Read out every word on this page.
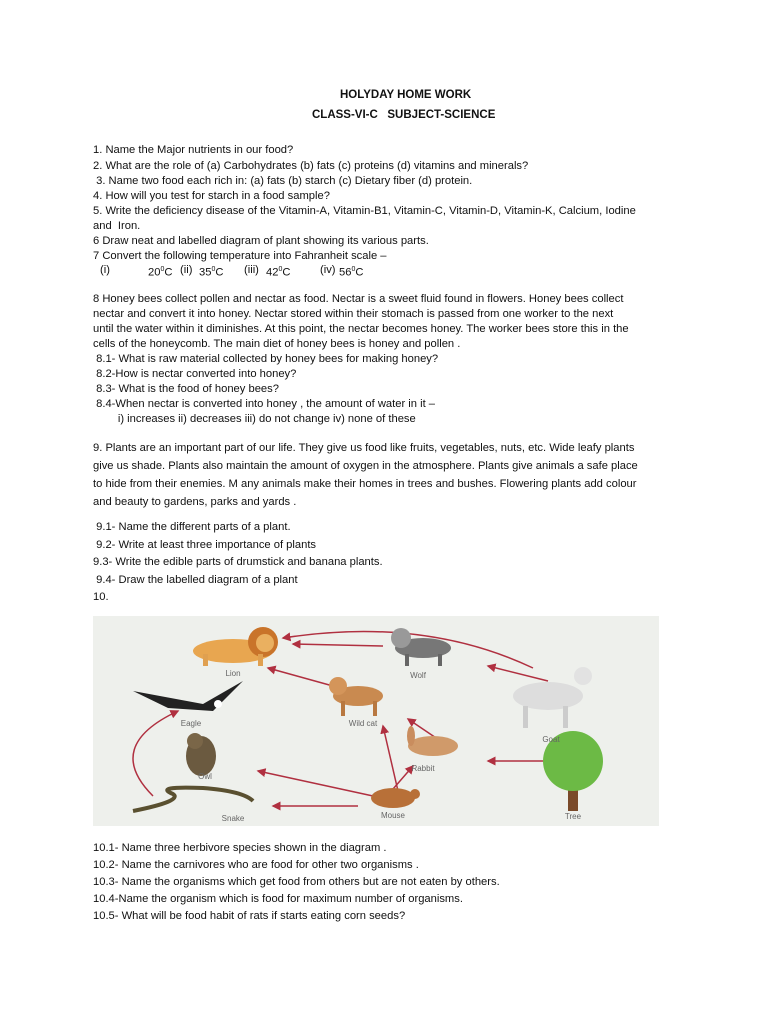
HOLYDAY HOME WORK
CLASS-VI-C   SUBJECT-SCIENCE
1. Name the Major nutrients in our food?
2. What are the role of (a) Carbohydrates (b) fats (c) proteins (d) vitamins and minerals?
3. Name two food each rich in: (a) fats (b) starch (c) Dietary fiber (d) protein.
4. How will you test for starch in a food sample?
5. Write the deficiency disease of the Vitamin-A, Vitamin-B1, Vitamin-C, Vitamin-D, Vitamin-K, Calcium, Iodine
and  Iron.
6 Draw neat and labelled diagram of plant showing its various parts.
7 Convert the following temperature into Fahranheit scale –
(i)	$20^0C$ (ii) $35^0C$ (iii) $42^0C$	(iv) $56^0C$
8 Honey bees collect pollen and nectar as food. Nectar is a sweet fluid found in flowers. Honey bees collect
nectar and convert it into honey. Nectar stored within their stomach is passed from one worker to the next
until the water within it diminishes. At this point, the nectar becomes honey. The worker bees store this in the
cells of the honeycomb. The main diet of honey bees is honey and pollen .
8.1- What is raw material collected by honey bees for making honey?
8.2-How is nectar converted into honey?
8.3- What is the food of honey bees?
8.4-When nectar is converted into honey , the amount of water in it –
i) increases ii) decreases iii) do not change iv) none of these
9. Plants are an important part of our life. They give us food like fruits, vegetables, nuts, etc. Wide leafy plants
give us shade. Plants also maintain the amount of oxygen in the atmosphere. Plants give animals a safe place
to hide from their enemies. M any animals make their homes in trees and bushes. Flowering plants add colour
and beauty to gardens, parks and yards .
9.1- Name the different parts of a plant.
9.2- Write at least three importance of plants
9.3- Write the edible parts of drumstick and banana plants.
9.4- Draw the labelled diagram of a plant
10.
Lion	Wolf
Goat
Eagle	Wild cat
Owl
Rabbit
Tree
Snake	Mouse
10.1- Name three herbivore species shown in the diagram .
10.2- Name the carnivores who are food for other two organisms .
10.3- Name the organisms which get food from others but are not eaten by others.
10.4-Name the organism which is food for maximum number of organisms.
10.5- What will be food habit of rats if starts eating corn seeds?
